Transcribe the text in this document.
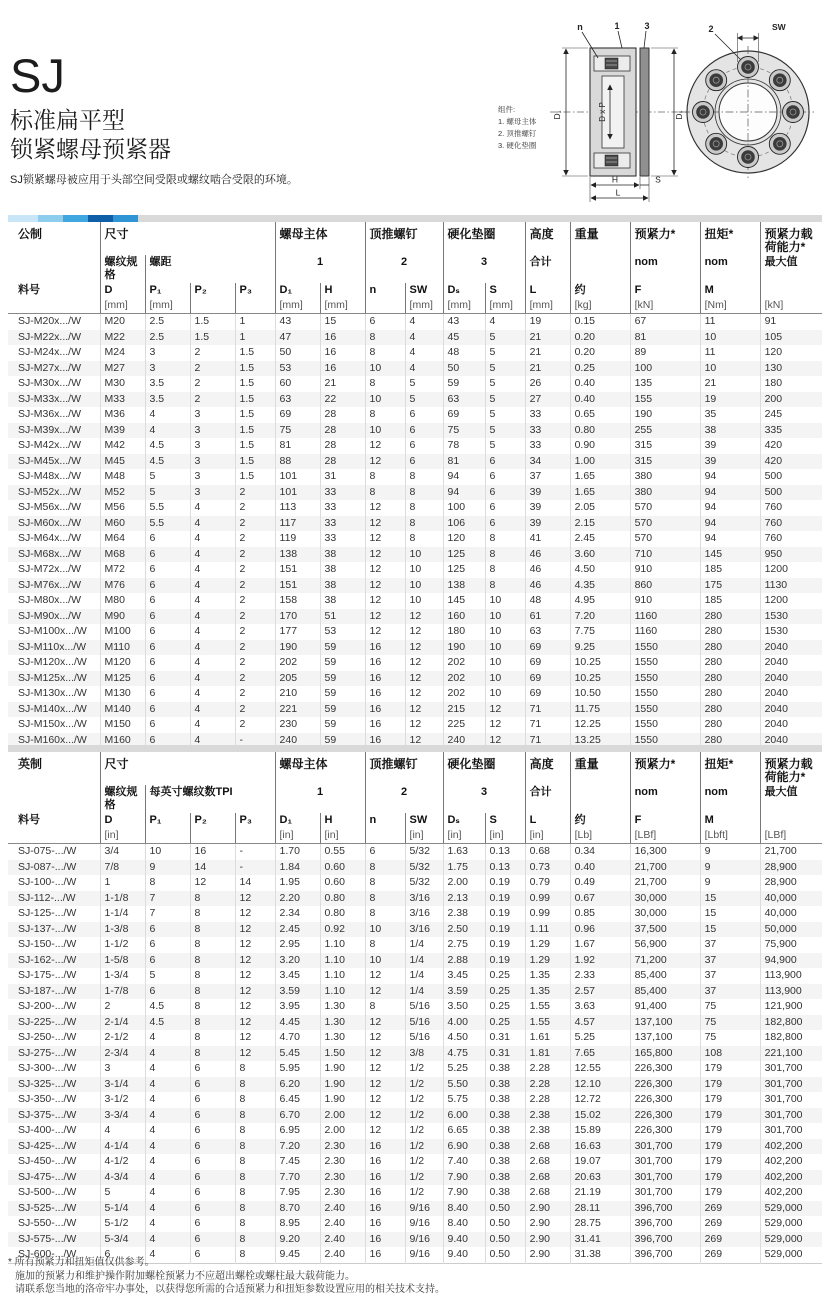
SJ
标准扁平型
锁紧螺母预紧器
SJ锁紧螺母被应用于头部空间受限或螺纹啮合受限的环境。
组件:
1. 螺母主体
2. 顶推螺钉
3. 硬化垫圈
n	1	3
D₁	D x P	Dₛ
H	S
L
2	SW
公制	尺寸				螺母主体		顶推螺钉		硬化垫圈		高度	重量	预紧力*	扭矩*	预紧力载荷能力*
	螺纹规格	螺距			1		2		3		合计		nom	nom	最大值
料号	D	P₁	P₂	P₃	D₁	H	n	SW	Dₛ	S	L	约	F	M	
	[mm]	[mm]			[mm]	[mm]		[mm]	[mm]	[mm]	[mm]	[kg]	[kN]	[Nm]	[kN]
SJ-M20x.../W	M20	2.5	1.5	1	43	15	6	4	43	4	19	0.15	67	11	91
SJ-M22x.../W	M22	2.5	1.5	1	47	16	8	4	45	5	21	0.20	81	10	105
SJ-M24x.../W	M24	3	2	1.5	50	16	8	4	48	5	21	0.20	89	11	120
SJ-M27x.../W	M27	3	2	1.5	53	16	10	4	50	5	21	0.25	100	10	130
SJ-M30x.../W	M30	3.5	2	1.5	60	21	8	5	59	5	26	0.40	135	21	180
SJ-M33x.../W	M33	3.5	2	1.5	63	22	10	5	63	5	27	0.40	155	19	200
SJ-M36x.../W	M36	4	3	1.5	69	28	8	6	69	5	33	0.65	190	35	245
SJ-M39x.../W	M39	4	3	1.5	75	28	10	6	75	5	33	0.80	255	38	335
SJ-M42x.../W	M42	4.5	3	1.5	81	28	12	6	78	5	33	0.90	315	39	420
SJ-M45x.../W	M45	4.5	3	1.5	88	28	12	6	81	6	34	1.00	315	39	420
SJ-M48x.../W	M48	5	3	1.5	101	31	8	8	94	6	37	1.65	380	94	500
SJ-M52x.../W	M52	5	3	2	101	33	8	8	94	6	39	1.65	380	94	500
SJ-M56x.../W	M56	5.5	4	2	113	33	12	8	100	6	39	2.05	570	94	760
SJ-M60x.../W	M60	5.5	4	2	117	33	12	8	106	6	39	2.15	570	94	760
SJ-M64x.../W	M64	6	4	2	119	33	12	8	120	8	41	2.45	570	94	760
SJ-M68x.../W	M68	6	4	2	138	38	12	10	125	8	46	3.60	710	145	950
SJ-M72x.../W	M72	6	4	2	151	38	12	10	125	8	46	4.50	910	185	1200
SJ-M76x.../W	M76	6	4	2	151	38	12	10	138	8	46	4.35	860	175	1130
SJ-M80x.../W	M80	6	4	2	158	38	12	10	145	10	48	4.95	910	185	1200
SJ-M90x.../W	M90	6	4	2	170	51	12	12	160	10	61	7.20	1160	280	1530
SJ-M100x.../W	M100	6	4	2	177	53	12	12	180	10	63	7.75	1160	280	1530
SJ-M110x.../W	M110	6	4	2	190	59	16	12	190	10	69	9.25	1550	280	2040
SJ-M120x.../W	M120	6	4	2	202	59	16	12	202	10	69	10.25	1550	280	2040
SJ-M125x.../W	M125	6	4	2	205	59	16	12	202	10	69	10.25	1550	280	2040
SJ-M130x.../W	M130	6	4	2	210	59	16	12	202	10	69	10.50	1550	280	2040
SJ-M140x.../W	M140	6	4	2	221	59	16	12	215	12	71	11.75	1550	280	2040
SJ-M150x.../W	M150	6	4	2	230	59	16	12	225	12	71	12.25	1550	280	2040
SJ-M160x.../W	M160	6	4	-	240	59	16	12	240	12	71	13.25	1550	280	2040
英制	尺寸				螺母主体		顶推螺钉		硬化垫圈		高度	重量	预紧力*	扭矩*	预紧力载荷能力*
	螺纹规格	每英寸螺纹数TPI			1		2		3		合计		nom	nom	最大值
料号	D	P₁	P₂	P₃	D₁	H	n	SW	Dₛ	S	L	约	F	M	
	[in]				[in]	[in]		[in]	[in]	[in]	[in]	[Lb]	[LBf]	[Lbft]	[LBf]
SJ-075-.../W	3/4	10	16	-	1.70	0.55	6	5/32	1.63	0.13	0.68	0.34	16,300	9	21,700
SJ-087-.../W	7/8	9	14	-	1.84	0.60	8	5/32	1.75	0.13	0.73	0.40	21,700	9	28,900
SJ-100-.../W	1	8	12	14	1.95	0.60	8	5/32	2.00	0.19	0.79	0.49	21,700	9	28,900
SJ-112-.../W	1-1/8	7	8	12	2.20	0.80	8	3/16	2.13	0.19	0.99	0.67	30,000	15	40,000
SJ-125-.../W	1-1/4	7	8	12	2.34	0.80	8	3/16	2.38	0.19	0.99	0.85	30,000	15	40,000
SJ-137-.../W	1-3/8	6	8	12	2.45	0.92	10	3/16	2.50	0.19	1.11	0.96	37,500	15	50,000
SJ-150-.../W	1-1/2	6	8	12	2.95	1.10	8	1/4	2.75	0.19	1.29	1.67	56,900	37	75,900
SJ-162-.../W	1-5/8	6	8	12	3.20	1.10	10	1/4	2.88	0.19	1.29	1.92	71,200	37	94,900
SJ-175-.../W	1-3/4	5	8	12	3.45	1.10	12	1/4	3.45	0.25	1.35	2.33	85,400	37	113,900
SJ-187-.../W	1-7/8	6	8	12	3.59	1.10	12	1/4	3.59	0.25	1.35	2.57	85,400	37	113,900
SJ-200-.../W	2	4.5	8	12	3.95	1.30	8	5/16	3.50	0.25	1.55	3.63	91,400	75	121,900
SJ-225-.../W	2-1/4	4.5	8	12	4.45	1.30	12	5/16	4.00	0.25	1.55	4.57	137,100	75	182,800
SJ-250-.../W	2-1/2	4	8	12	4.70	1.30	12	5/16	4.50	0.31	1.61	5.25	137,100	75	182,800
SJ-275-.../W	2-3/4	4	8	12	5.45	1.50	12	3/8	4.75	0.31	1.81	7.65	165,800	108	221,100
SJ-300-.../W	3	4	6	8	5.95	1.90	12	1/2	5.25	0.38	2.28	12.55	226,300	179	301,700
SJ-325-.../W	3-1/4	4	6	8	6.20	1.90	12	1/2	5.50	0.38	2.28	12.10	226,300	179	301,700
SJ-350-.../W	3-1/2	4	6	8	6.45	1.90	12	1/2	5.75	0.38	2.28	12.72	226,300	179	301,700
SJ-375-.../W	3-3/4	4	6	8	6.70	2.00	12	1/2	6.00	0.38	2.38	15.02	226,300	179	301,700
SJ-400-.../W	4	4	6	8	6.95	2.00	12	1/2	6.65	0.38	2.38	15.89	226,300	179	301,700
SJ-425-.../W	4-1/4	4	6	8	7.20	2.30	16	1/2	6.90	0.38	2.68	16.63	301,700	179	402,200
SJ-450-.../W	4-1/2	4	6	8	7.45	2.30	16	1/2	7.40	0.38	2.68	19.07	301,700	179	402,200
SJ-475-.../W	4-3/4	4	6	8	7.70	2.30	16	1/2	7.90	0.38	2.68	20.63	301,700	179	402,200
SJ-500-.../W	5	4	6	8	7.95	2.30	16	1/2	7.90	0.38	2.68	21.19	301,700	179	402,200
SJ-525-.../W	5-1/4	4	6	8	8.70	2.40	16	9/16	8.40	0.50	2.90	28.11	396,700	269	529,000
SJ-550-.../W	5-1/2	4	6	8	8.95	2.40	16	9/16	8.40	0.50	2.90	28.75	396,700	269	529,000
SJ-575-.../W	5-3/4	4	6	8	9.20	2.40	16	9/16	9.40	0.50	2.90	31.41	396,700	269	529,000
SJ-600-.../W	6	4	6	8	9.45	2.40	16	9/16	9.40	0.50	2.90	31.38	396,700	269	529,000
* 所有预紧力和扭矩值仅供参考。
施加的预紧力和维护操作附加螺栓预紧力不应超出螺栓或螺柱最大载荷能力。
请联系您当地的洛帝牢办事处，以获得您所需的合适预紧力和扭矩参数设置应用的相关技术支持。
